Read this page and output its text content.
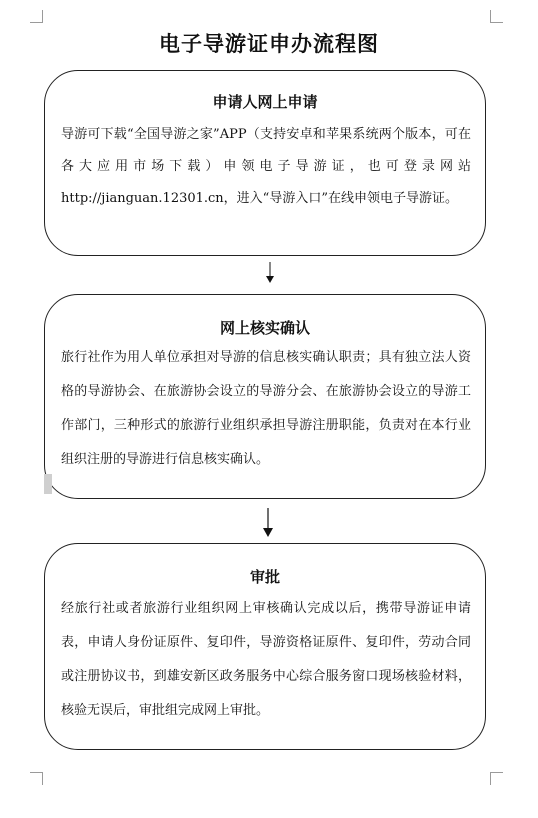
电子导游证申办流程图
申请人网上申请
导游可下载“全国导游之家”APP（支持安卓和苹果系统两个版本，可在各大应用市场下载）申领电子导游证，也可登录网站http://jianguan.12301.cn，进入“导游入口”在线申领电子导游证。
网上核实确认
旅行社作为用人单位承担对导游的信息核实确认职责；具有独立法人资格的导游协会、在旅游协会设立的导游分会、在旅游协会设立的导游工作部门，三种形式的旅游行业组织承担导游注册职能，负责对在本行业组织注册的导游进行信息核实确认。
审批
经旅行社或者旅游行业组织网上审核确认完成以后，携带导游证申请表，申请人身份证原件、复印件，导游资格证原件、复印件，劳动合同或注册协议书，到雄安新区政务服务中心综合服务窗口现场核验材料，核验无误后，审批组完成网上审批。
